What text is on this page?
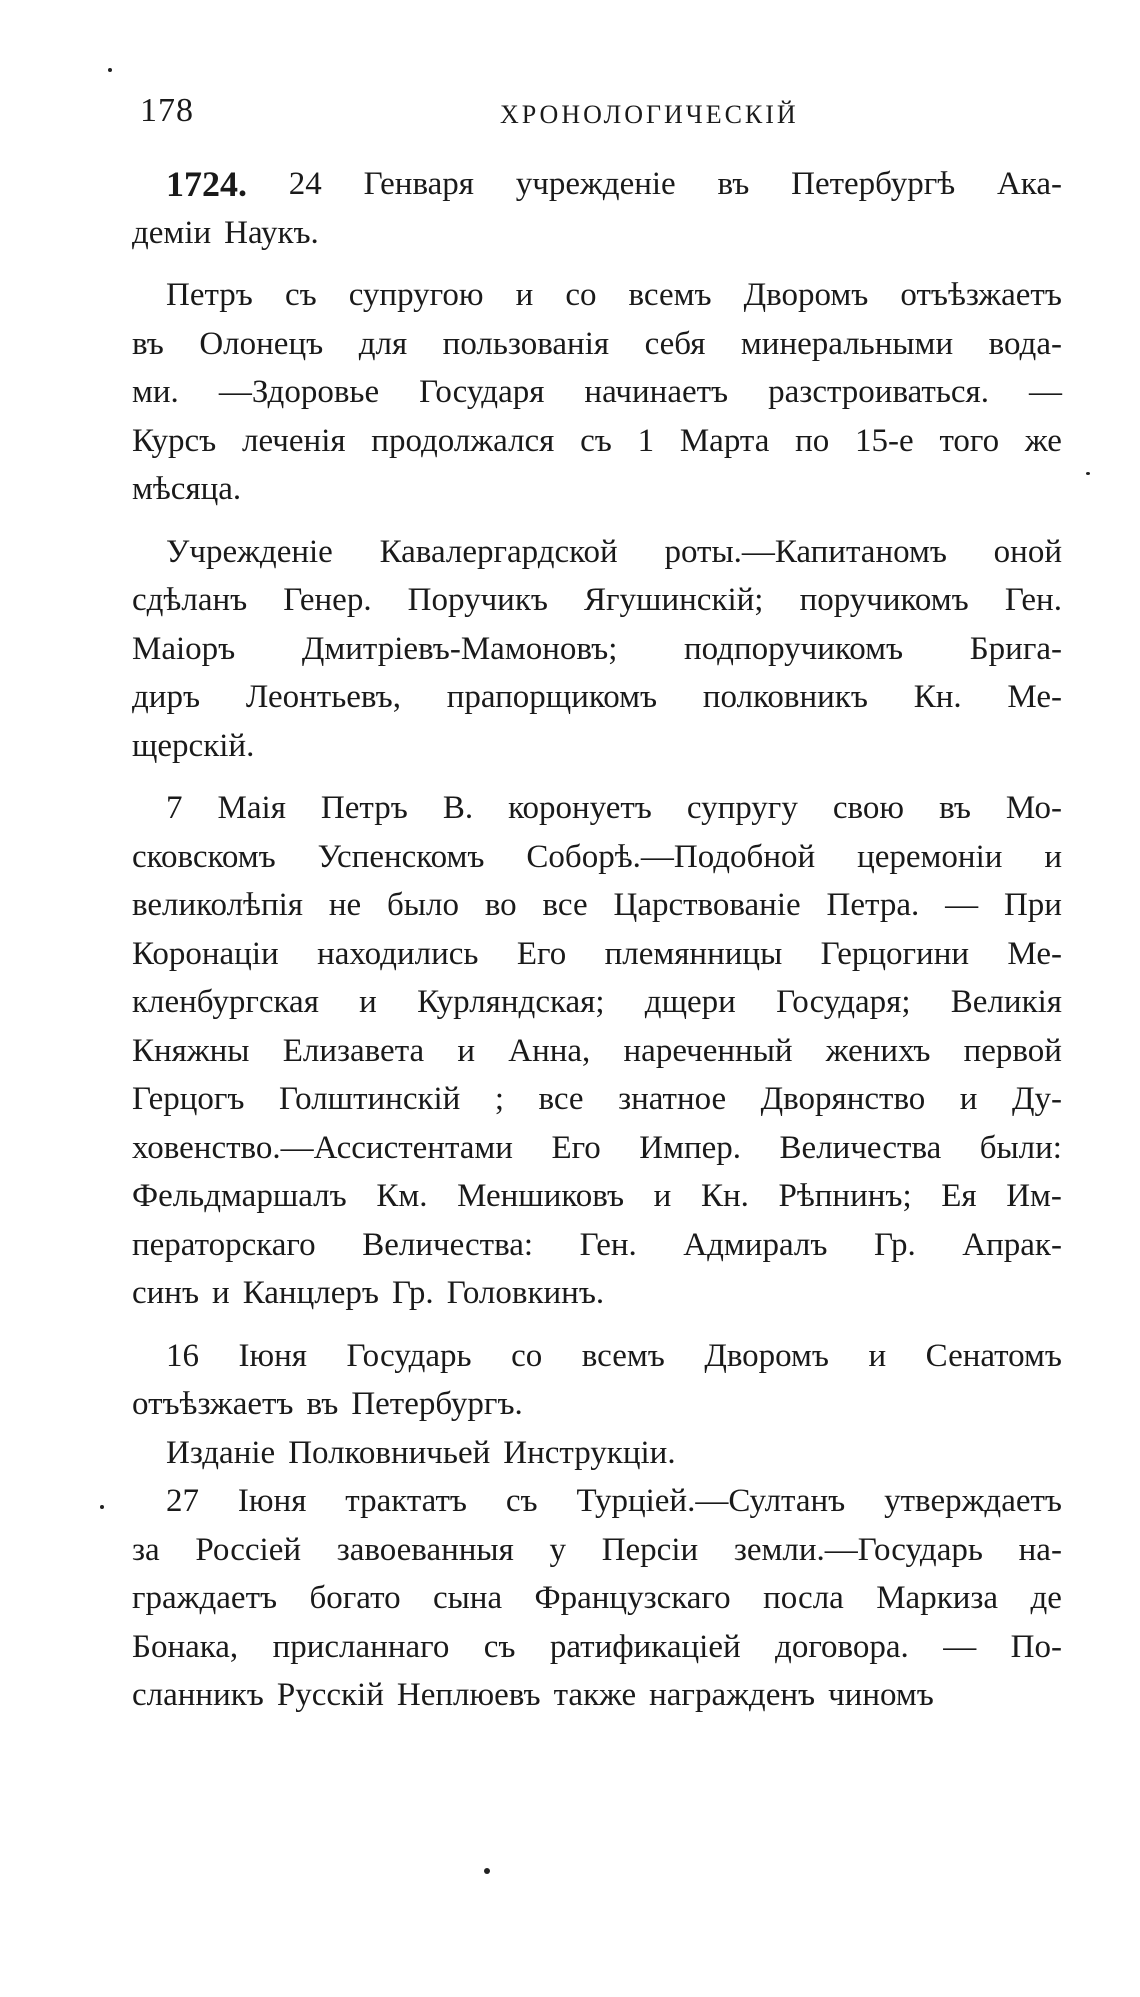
178	ХРОНОЛОГИЧЕСКІЙ
1724. 24 Генваря учрежденіе въ Петербургѣ Ака-
деміи Наукъ.
Петръ съ супругою и со всемъ Дворомъ отъѣзжаетъ
въ Олонецъ для пользованія себя минеральными вода-
ми. —Здоровье Государя начинаетъ разстроиваться. —
Курсъ леченія продолжался съ 1 Марта по 15-е того же
мѣсяца.
Учрежденіе Кавалергардской роты.—Капитаномъ оной
сдѣланъ Генер. Поручикъ Ягушинскій; поручикомъ Ген.
Маіоръ Дмитріевъ-Мамоновъ; подпоручикомъ Бригa-
диръ Леонтьевъ, прапорщикомъ полковникъ Кн. Ме-
щерскій.
7 Маія Петръ В. коронуетъ супругу свою въ Мо-
сковскомъ Успенскомъ Соборѣ.—Подобной церемоніи и
великолѣпія не было во все Царствованіе Петра. — При
Коронаціи находились Его племянницы Герцогини Ме-
кленбургская и Курляндская; дщери Государя; Великія
Княжны Елизавета и Анна, нареченный женихъ первой
Герцогъ Голштинскій ; все знатное Дворянство и Ду-
ховенство.—Ассистентами Его Импер. Величества были:
Фельдмаршалъ Км. Меншиковъ и Кн. Рѣпнинъ; Ея Им-
ператорскаго Величества: Ген. Адмиралъ Гр. Апрак-
синъ и Канцлеръ Гр. Головкинъ.
16 Іюня Государь со всемъ Дворомъ и Сенатомъ
отъѣзжаетъ въ Петербургъ.
Изданіе Полковничьей Инструкціи.
27 Іюня трактатъ съ Турціей.—Султанъ утверждаетъ
за Россіей завоеванныя у Персіи земли.—Государь на-
граждаетъ богато сына Французскаго посла Маркиза де
Бонака, присланнаго съ ратификаціей договора. — По-
сланникъ Русскій Неплюевъ также награжденъ чиномъ
